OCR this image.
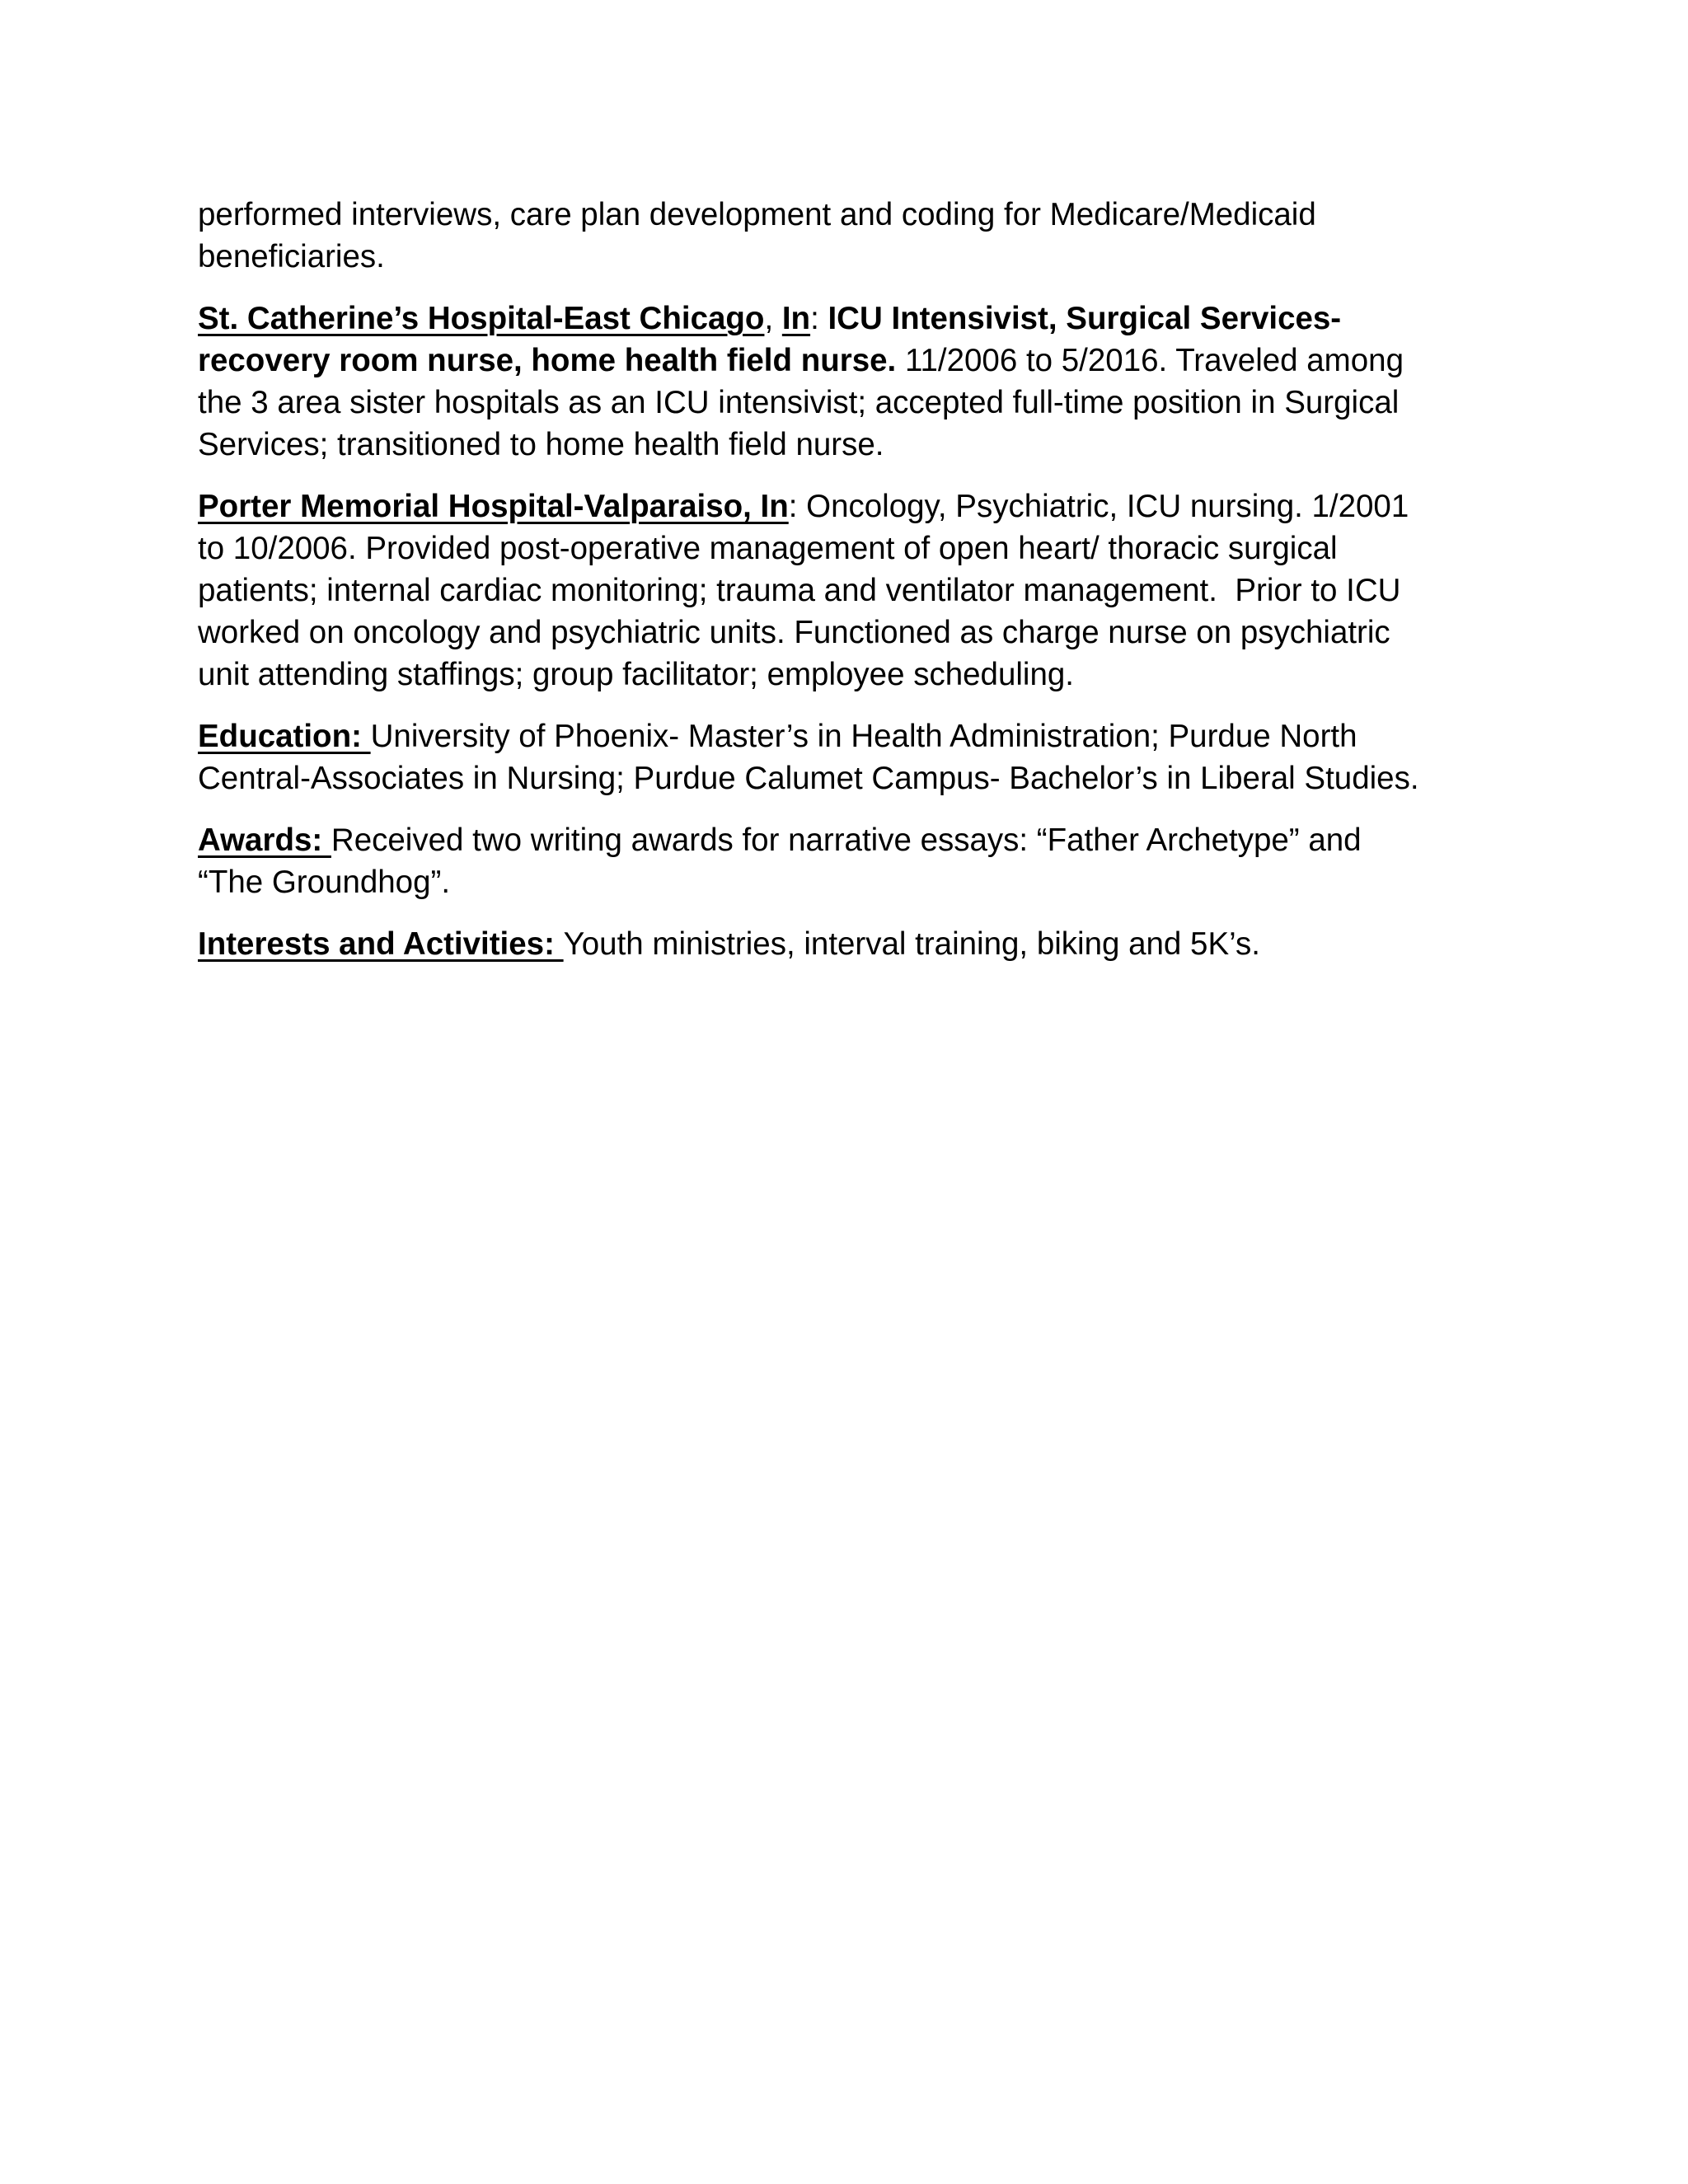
performed interviews, care plan development and coding for Medicare/Medicaid
beneficiaries.
St. Catherine’s Hospital-East Chicago, In: ICU Intensivist, Surgical Services-
recovery room nurse, home health field nurse. 11/2006 to 5/2016. Traveled among
the 3 area sister hospitals as an ICU intensivist; accepted full-time position in Surgical
Services; transitioned to home health field nurse.
Porter Memorial Hospital-Valparaiso, In: Oncology, Psychiatric, ICU nursing. 1/2001
to 10/2006. Provided post-operative management of open heart/ thoracic surgical
patients; internal cardiac monitoring; trauma and ventilator management.  Prior to ICU
worked on oncology and psychiatric units. Functioned as charge nurse on psychiatric
unit attending staffings; group facilitator; employee scheduling.
Education: University of Phoenix- Master’s in Health Administration; Purdue North
Central-Associates in Nursing; Purdue Calumet Campus- Bachelor’s in Liberal Studies.
Awards: Received two writing awards for narrative essays: “Father Archetype” and
“The Groundhog”.
Interests and Activities: Youth ministries, interval training, biking and 5K’s.
